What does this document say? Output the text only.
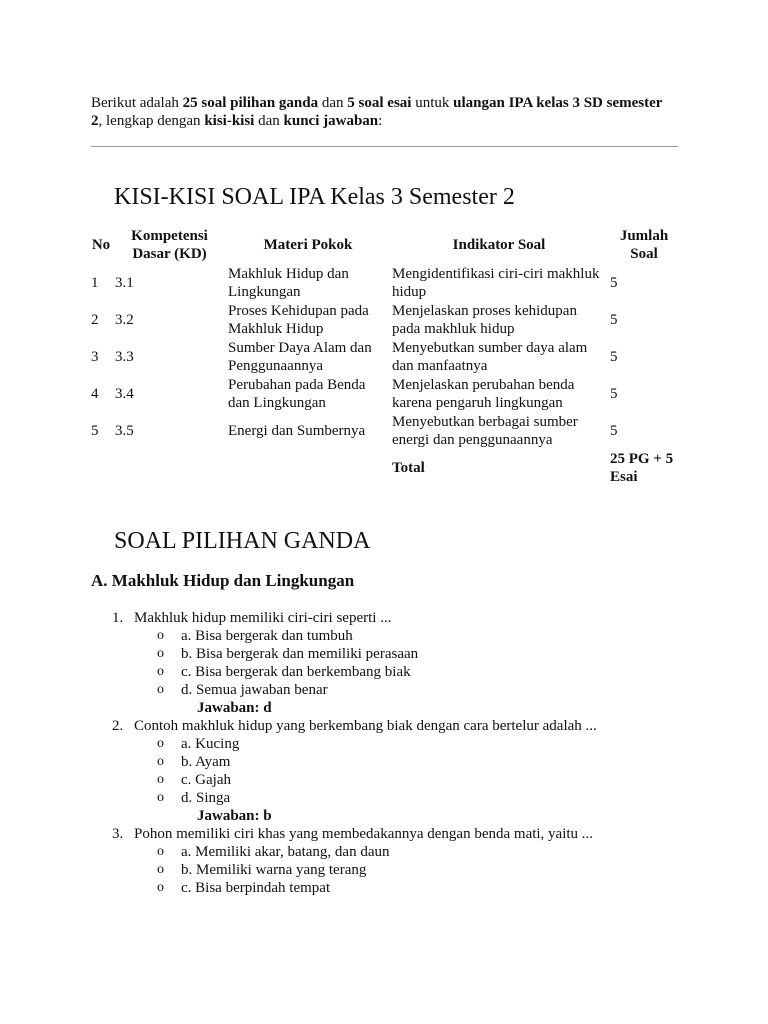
Berikut adalah 25 soal pilihan ganda dan 5 soal esai untuk ulangan IPA kelas 3 SD semester 2, lengkap dengan kisi-kisi dan kunci jawaban:
KISI-KISI SOAL IPA Kelas 3 Semester 2
No	Kompetensi Dasar (KD)	Materi Pokok	Indikator Soal	Jumlah Soal
1	3.1	Makhluk Hidup dan Lingkungan	Mengidentifikasi ciri-ciri makhluk hidup	5
2	3.2	Proses Kehidupan pada Makhluk Hidup	Menjelaskan proses kehidupan pada makhluk hidup	5
3	3.3	Sumber Daya Alam dan Penggunaannya	Menyebutkan sumber daya alam dan manfaatnya	5
4	3.4	Perubahan pada Benda dan Lingkungan	Menjelaskan perubahan benda karena pengaruh lingkungan	5
5	3.5	Energi dan Sumbernya	Menyebutkan berbagai sumber energi dan penggunaannya	5
			Total	25 PG + 5 Esai
SOAL PILIHAN GANDA
A. Makhluk Hidup dan Lingkungan
1. Makhluk hidup memiliki ciri-ciri seperti ...
o a. Bisa bergerak dan tumbuh
o b. Bisa bergerak dan memiliki perasaan
o c. Bisa bergerak dan berkembang biak
o d. Semua jawaban benar
Jawaban: d
2. Contoh makhluk hidup yang berkembang biak dengan cara bertelur adalah ...
o a. Kucing
o b. Ayam
o c. Gajah
o d. Singa
Jawaban: b
3. Pohon memiliki ciri khas yang membedakannya dengan benda mati, yaitu ...
o a. Memiliki akar, batang, dan daun
o b. Memiliki warna yang terang
o c. Bisa berpindah tempat
